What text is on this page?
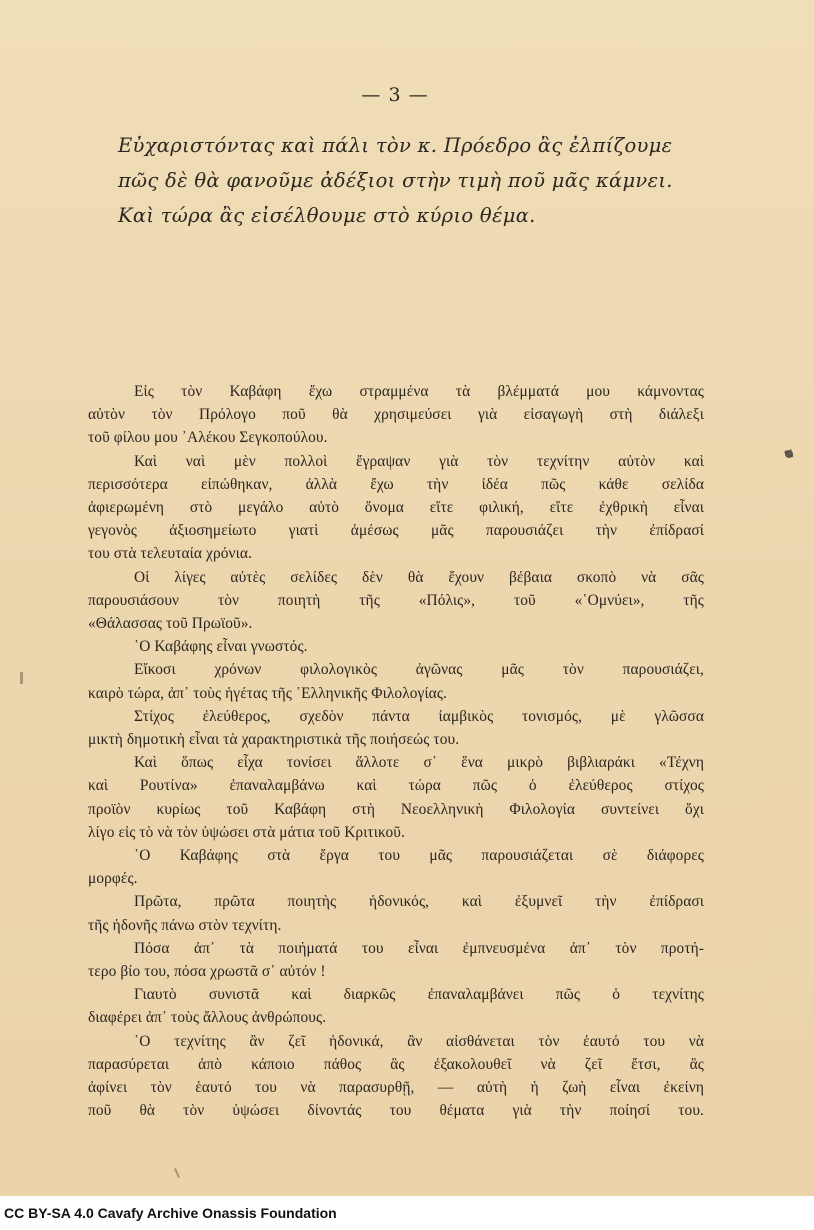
— 3 —
Εὐχαριστόντας καὶ πάλι τὸν κ. Πρόεδρο ἂς ἐλπίζουμε
πῶς δὲ θὰ φανοῦμε ἀδέξιοι στὴν τιμὴ ποῦ μᾶς κάμνει.
Καὶ τώρα ἂς εἰσέλθουμε στὸ κύριο θέμα.
Εἰς τὸν Καβάφη ἔχω στραμμένα τὰ βλέμματά μου κάμνοντας
αὐτὸν τὸν Πρόλογο ποῦ θὰ χρησιμεύσει γιὰ εἰσαγωγὴ στὴ διάλεξι
τοῦ φίλου μου ᾿Αλέκου Σεγκοπούλου.
Καὶ ναὶ μὲν πολλοὶ ἔγραψαν γιὰ τὸν τεχνίτην αὐτὸν καὶ
περισσότερα εἰπώθηκαν, ἀλλὰ ἔχω τὴν ἰδέα πῶς κάθε σελίδα
ἀφιερωμένη στὸ μεγάλο αὐτὸ ὄνομα εἴτε φιλική, εἴτε ἐχθρικὴ εἶναι
γεγονὸς ἀξιοσημείωτο γιατὶ ἀμέσως μᾶς παρουσιάζει τὴν ἐπίδρασί
του στὰ τελευταία χρόνια.
Οἱ λίγες αὐτὲς σελίδες δὲν θὰ ἔχουν βέβαια σκοπὸ νὰ σᾶς
παρουσιάσουν τὸν ποιητὴ τῆς «Πόλις», τοῦ «῾Ομνύει», τῆς
«Θάλασσας τοῦ Πρωϊοῦ».
῾Ο Καβάφης εἶναι γνωστός.
Εἴκοσι χρόνων φιλολογικὸς ἀγῶνας μᾶς τὸν παρουσιάζει,
καιρὸ τώρα, ἀπ᾿ τοὺς ἡγέτας τῆς ῾Ελληνικῆς Φιλολογίας.
Στίχος ἐλεύθερος, σχεδὸν πάντα ἰαμβικὸς τονισμός, μὲ γλῶσσα
μικτὴ δημοτικὴ εἶναι τὰ χαρακτηριστικὰ τῆς ποιήσεώς του.
Καὶ ὅπως εἶχα τονίσει ἄλλοτε σ᾿ ἕνα μικρὸ βιβλιαράκι «Τέχνη
καὶ Ρουτίνα» ἐπαναλαμβάνω καὶ τώρα πῶς ὁ ἐλεύθερος στίχος
προϊὸν κυρίως τοῦ Καβάφη στὴ Νεοελληνικὴ Φιλολογία συντείνει ὄχι
λίγο εἰς τὸ νὰ τὸν ὑψώσει στὰ μάτια τοῦ Κριτικοῦ.
῾Ο Καβάφης στὰ ἔργα του μᾶς παρουσιάζεται σὲ διάφορες
μορφές.
Πρῶτα, πρῶτα ποιητὴς ἡδονικός, καὶ ἐξυμνεῖ τὴν ἐπίδρασι
τῆς ἡδονῆς πάνω στὸν τεχνίτη.
Πόσα ἀπ᾿ τὰ ποιήματά του εἶναι ἐμπνευσμένα ἀπ᾿ τὸν προτή-
τερο βίο του, πόσα χρωστᾶ σ᾿ αὐτόν !
Γιαυτὸ συνιστᾶ καὶ διαρκῶς ἐπαναλαμβάνει πῶς ὁ τεχνίτης
διαφέρει ἀπ᾿ τοὺς ἄλλους ἀνθρώπους.
῾Ο τεχνίτης ἂν ζεῖ ἡδονικά, ἂν αἰσθάνεται τὸν ἑαυτό του νὰ
παρασύρεται ἀπὸ κάποιο πάθος ἂς ἐξακολουθεῖ νὰ ζεῖ ἔτσι, ἂς
ἀφίνει τὸν ἑαυτό του νὰ παρασυρθῇ, — αὐτὴ ἡ ζωὴ εἶναι ἐκείνη
ποῦ θὰ τὸν ὑψώσει δίνοντάς του θέματα γιὰ τὴν ποίησί του.
CC BY-SA 4.0 Cavafy Archive Onassis Foundation
